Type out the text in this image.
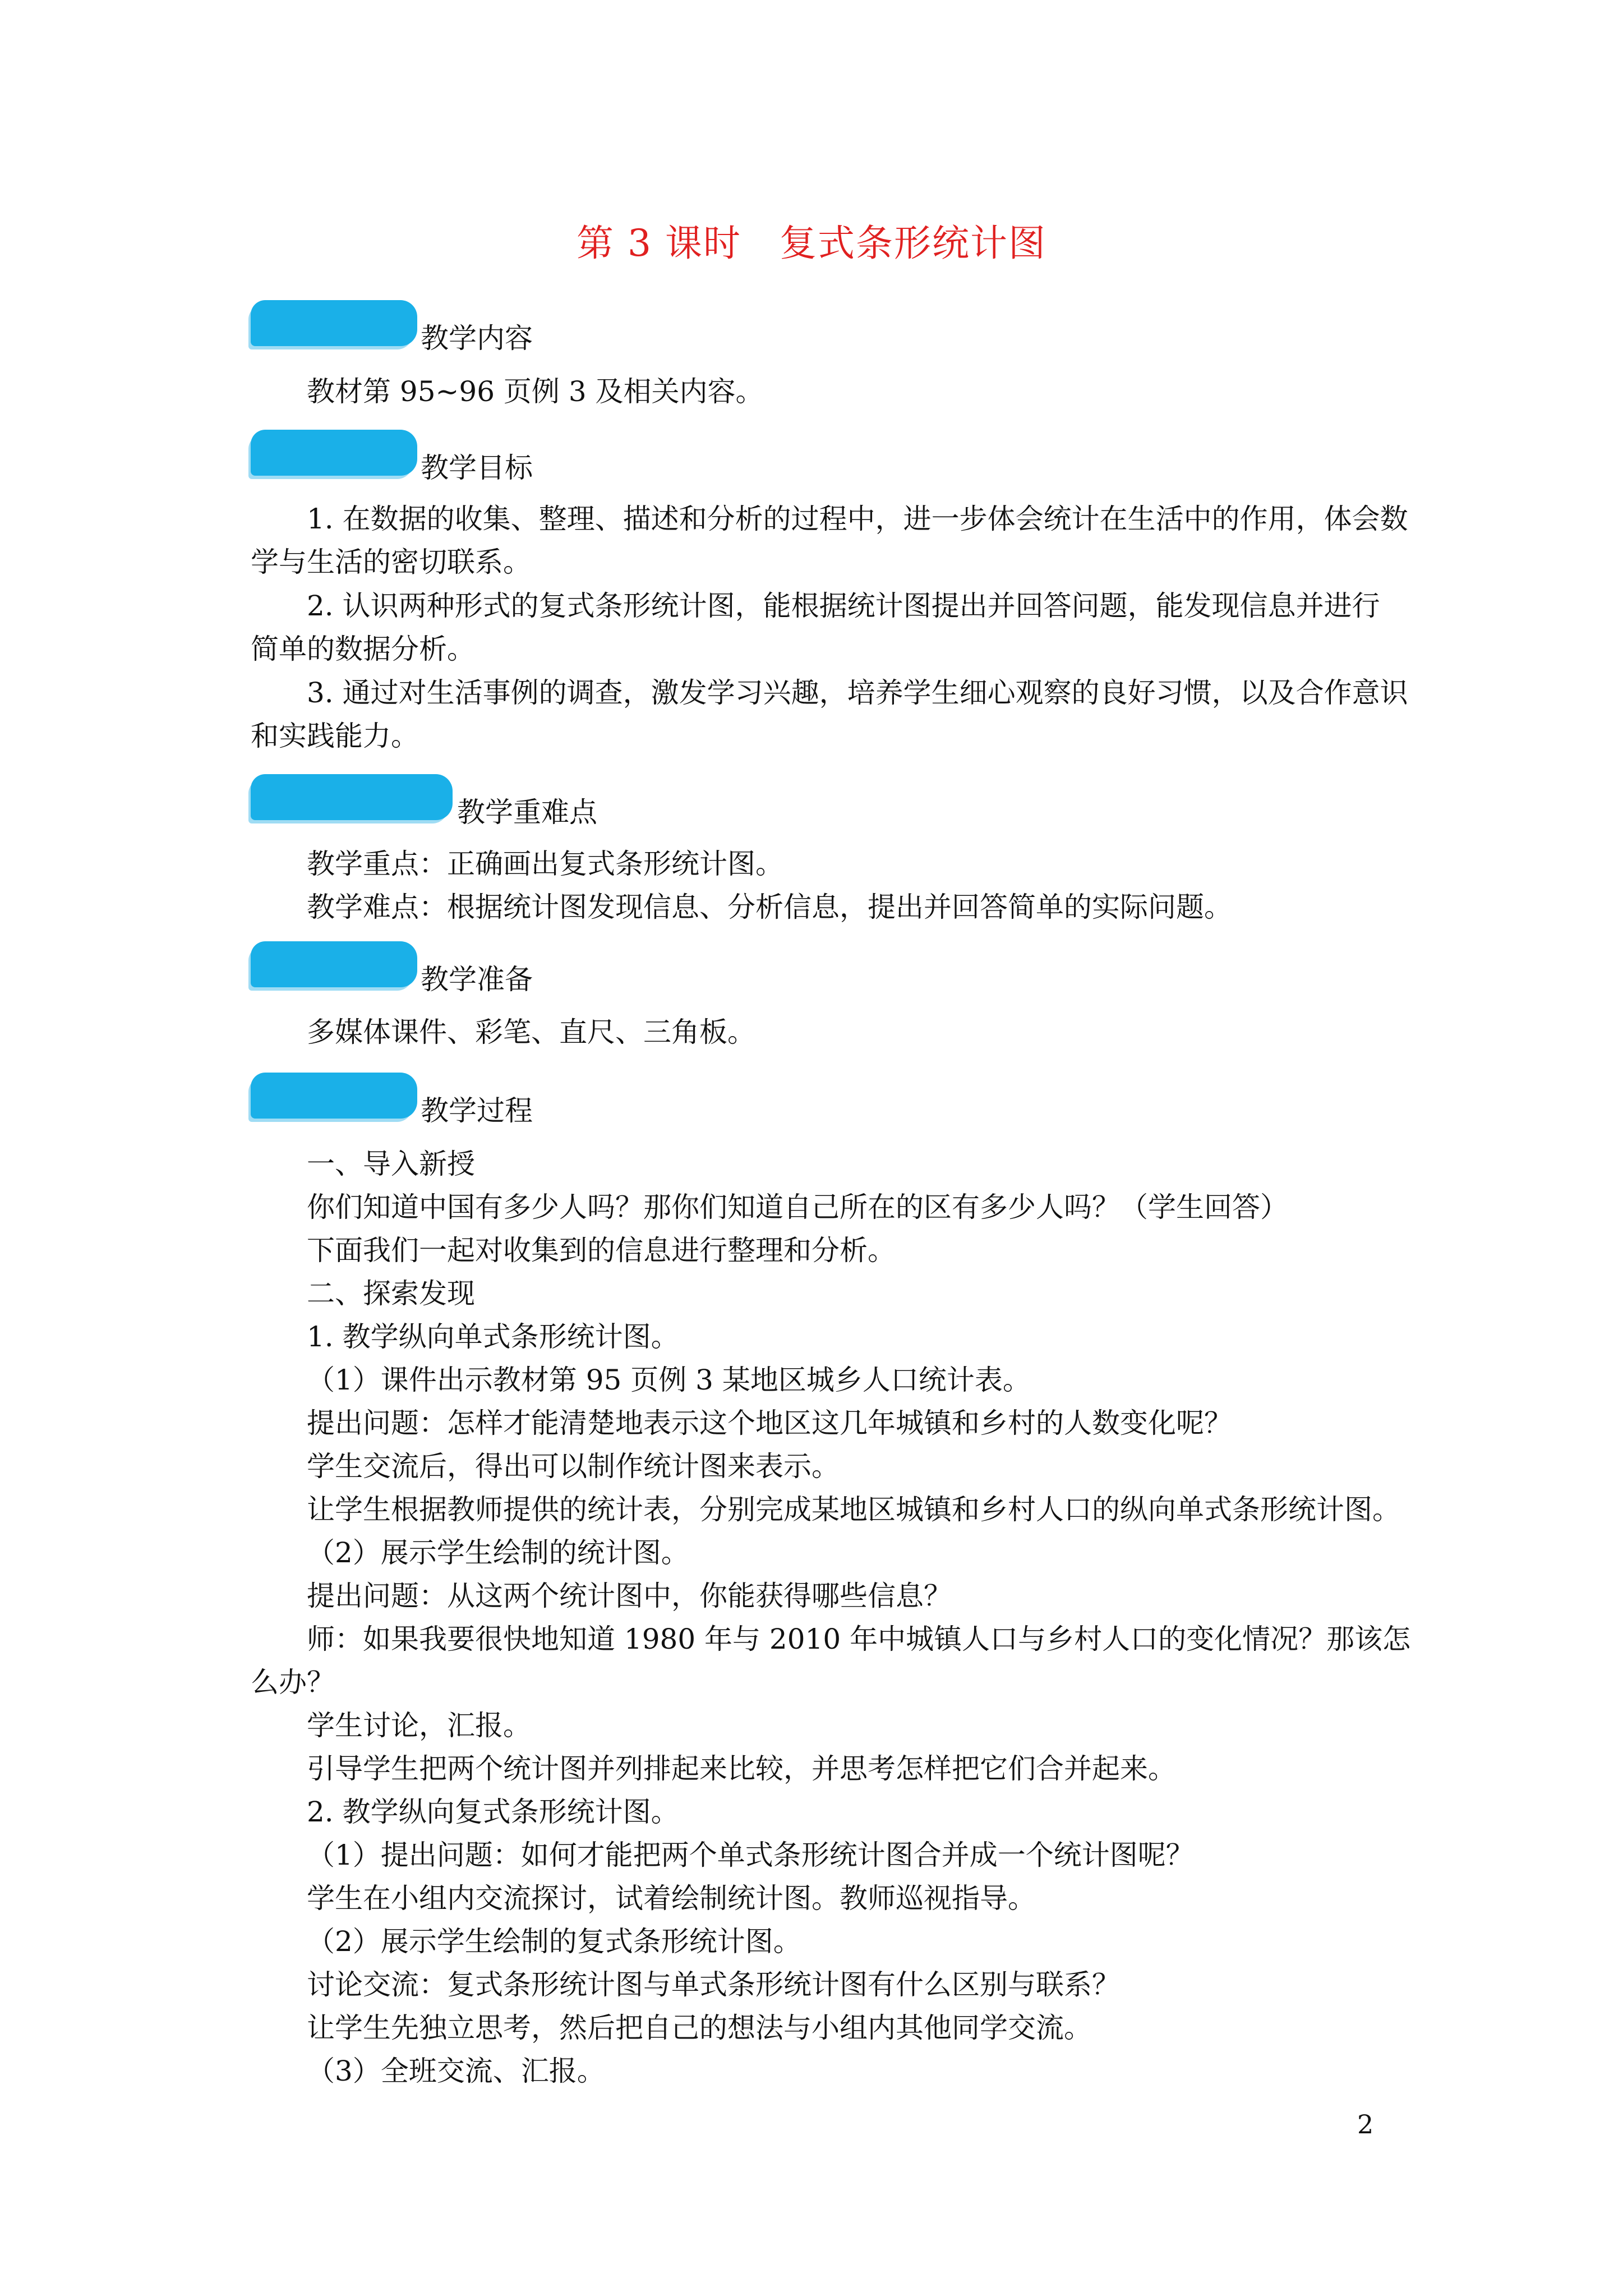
第 3 课时　复式条形统计图
教学内容
教材第 95~96 页例 3 及相关内容。
教学目标
1. 在数据的收集、整理、描述和分析的过程中，进一步体会统计在生活中的作用，体会数
学与生活的密切联系。
2. 认识两种形式的复式条形统计图，能根据统计图提出并回答问题，能发现信息并进行
简单的数据分析。
3. 通过对生活事例的调查，激发学习兴趣，培养学生细心观察的良好习惯，以及合作意识
和实践能力。
教学重难点
教学重点：正确画出复式条形统计图。
教学难点：根据统计图发现信息、分析信息，提出并回答简单的实际问题。
教学准备
多媒体课件、彩笔、直尺、三角板。
教学过程
一、导入新授
你们知道中国有多少人吗？那你们知道自己所在的区有多少人吗？（学生回答）
下面我们一起对收集到的信息进行整理和分析。
二、探索发现
1. 教学纵向单式条形统计图。
（1）课件出示教材第 95 页例 3 某地区城乡人口统计表。
提出问题：怎样才能清楚地表示这个地区这几年城镇和乡村的人数变化呢？
学生交流后，得出可以制作统计图来表示。
让学生根据教师提供的统计表，分别完成某地区城镇和乡村人口的纵向单式条形统计图。
（2）展示学生绘制的统计图。
提出问题：从这两个统计图中，你能获得哪些信息？
师：如果我要很快地知道 1980 年与 2010 年中城镇人口与乡村人口的变化情况？那该怎
么办？
学生讨论，汇报。
引导学生把两个统计图并列排起来比较，并思考怎样把它们合并起来。
2. 教学纵向复式条形统计图。
（1）提出问题：如何才能把两个单式条形统计图合并成一个统计图呢？
学生在小组内交流探讨，试着绘制统计图。教师巡视指导。
（2）展示学生绘制的复式条形统计图。
讨论交流：复式条形统计图与单式条形统计图有什么区别与联系？
让学生先独立思考，然后把自己的想法与小组内其他同学交流。
（3）全班交流、汇报。
2
